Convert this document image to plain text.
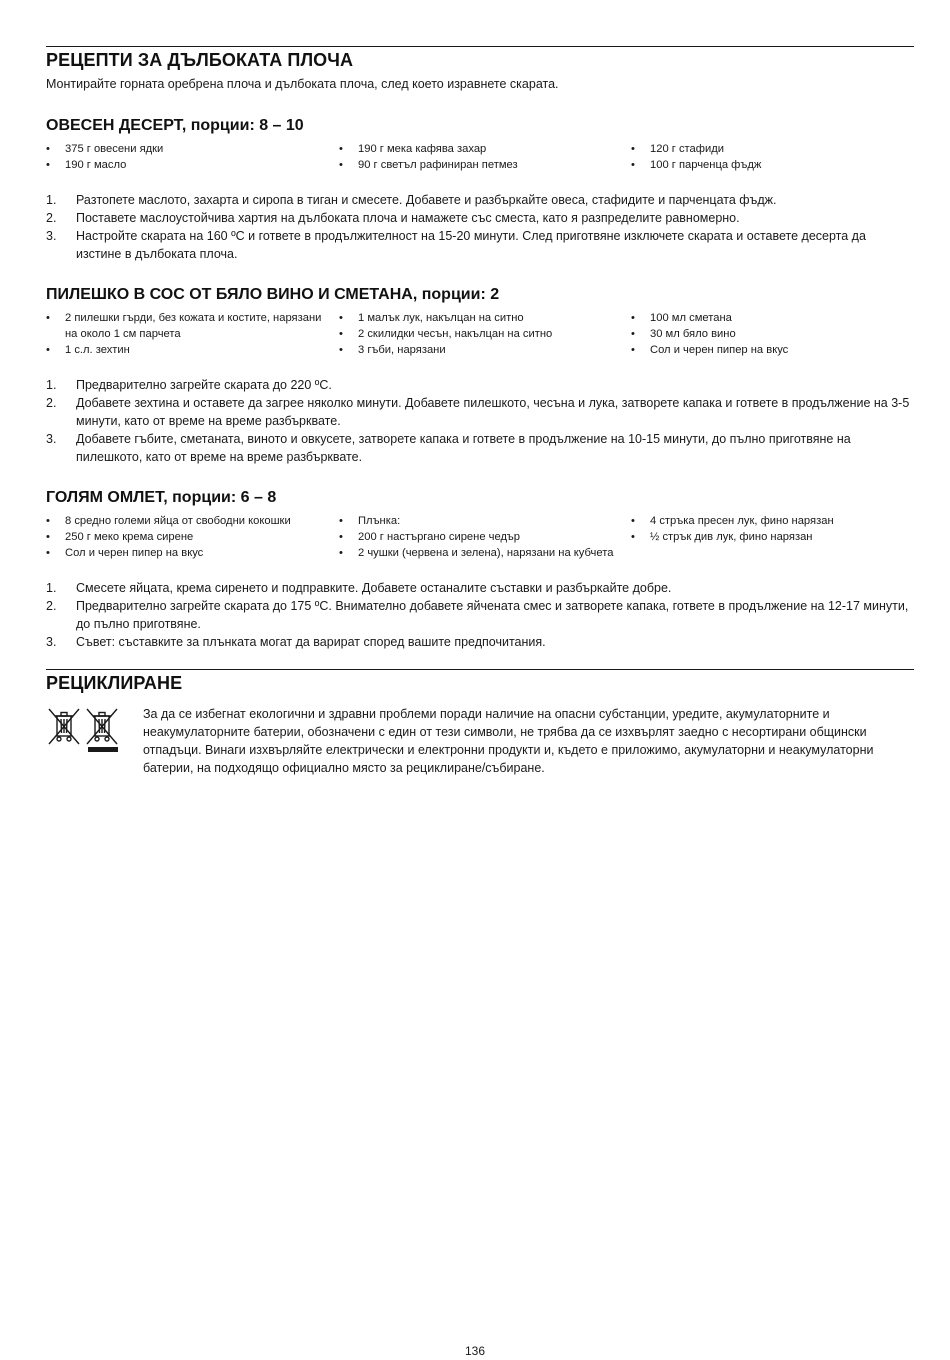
РЕЦЕПТИ ЗА ДЪЛБОКАТА ПЛОЧА
Монтирайте горната оребрена плоча и дълбоката плоча, след което изравнете скарата.
ОВЕСЕН ДЕСЕРТ, порции: 8 – 10
• 375 г овесени ядки
• 190 г масло
• 190 г мека кафява захар
• 90 г светъл рафиниран петмез
• 120 г стафиди
• 100 г парченца фъдж
1. Разтопете маслото, захарта и сиропа в тиган и смесете. Добавете и разбъркайте овеса, стафидите и парченцата фъдж.
2. Поставете маслоустойчива хартия на дълбоката плоча и намажете със сместа, като я разпределите равномерно.
3. Настройте скарата на 160 ºC и гответе в продължителност на 15-20 минути. След приготвяне изключете скарата и оставете десерта да изстине в дълбоката плоча.
ПИЛЕШКО В СОС ОТ БЯЛО ВИНО И СМЕТАНА, порции: 2
• 2 пилешки гърди, без кожата и костите, нарязани на около 1 см парчета
• 1 с.л. зехтин
• 1 малък лук, накълцан на ситно
• 2 скилидки чесън, накълцан на ситно
• 3 гъби, нарязани
• 100 мл сметана
• 30 мл бяло вино
• Сол и черен пипер на вкус
1. Предварително загрейте скарата до 220 ºC.
2. Добавете зехтина и оставете да загрее няколко минути. Добавете пилешкото, чесъна и лука, затворете капака и гответе в продължение на 3-5 минути, като от време на време разбърквате.
3. Добавете гъбите, сметаната, виното и овкусете, затворете капака и гответе в продължение на 10-15 минути, до пълно приготвяне на пилешкото, като от време на време разбърквате.
ГОЛЯМ ОМЛЕТ, порции: 6 – 8
• 8 средно големи яйца от свободни кокошки
• 250 г меко крема сирене
• Сол и черен пипер на вкус
• Плънка:
• 200 г настъргано сирене чедър
• 2 чушки (червена и зелена), нарязани на кубчета
• 4 стръка пресен лук, фино нарязан
• ½ стрък див лук, фино нарязан
1. Смесете яйцата, крема сиренето и подправките. Добавете останалите съставки и разбъркайте добре.
2. Предварително загрейте скарата до 175 ºC. Внимателно добавете яйчената смес и затворете капака, гответе в продължение на 12-17 минути, до пълно приготвяне.
3. Съвет: съставките за плънката могат да варират според вашите предпочитания.
РЕЦИКЛИРАНЕ
За да се избегнат екологични и здравни проблеми поради наличие на опасни субстанции, уредите, акумулаторните и неакумулаторните батерии, обозначени с един от тези символи, не трябва да се изхвърлят заедно с несортирани общински отпадъци. Винаги изхвърляйте електрически и електронни продукти и, където е приложимо, акумулаторни и неакумулаторни батерии, на подходящо официално място за рециклиране/събиране.
136
